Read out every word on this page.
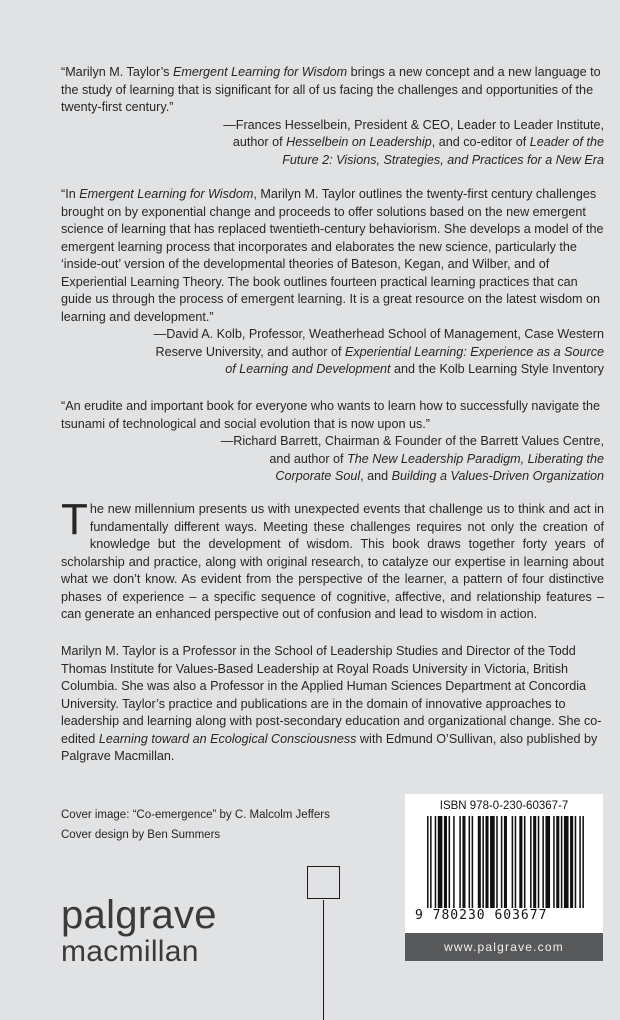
“Marilyn M. Taylor’s Emergent Learning for Wisdom brings a new concept and a new language to the study of learning that is significant for all of us facing the challenges and opportunities of the twenty-first century.”

—Frances Hesselbein, President & CEO, Leader to Leader Institute,
author of Hesselbein on Leadership, and co-editor of Leader of the
Future 2: Visions, Strategies, and Practices for a New Era

“In Emergent Learning for Wisdom, Marilyn M. Taylor outlines the twenty-first century challenges brought on by exponential change and proceeds to offer solutions based on the new emergent science of learning that has replaced twentieth-century behaviorism. She develops a model of the emergent learning process that incorporates and elaborates the new science, particularly the ‘inside-out’ version of the developmental theories of Bateson, Kegan, and Wilber, and of Experiential Learning Theory. The book outlines fourteen practical learning practices that can guide us through the process of emergent learning. It is a great resource on the latest wisdom on learning and development.”

—David A. Kolb, Professor, Weatherhead School of Management, Case Western
Reserve University, and author of Experiential Learning: Experience as a Source
of Learning and Development and the Kolb Learning Style Inventory

“An erudite and important book for everyone who wants to learn how to successfully navigate the tsunami of technological and social evolution that is now upon us.”

—Richard Barrett, Chairman & Founder of the Barrett Values Centre,
and author of The New Leadership Paradigm, Liberating the
Corporate Soul, and Building a Values-Driven Organization

The new millennium presents us with unexpected events that challenge us to think and act in fundamentally different ways. Meeting these challenges requires not only the creation of knowledge but the development of wisdom. This book draws together forty years of scholarship and practice, along with original research, to catalyze our expertise in learning about what we don’t know. As evident from the perspective of the learner, a pattern of four distinctive phases of experience – a specific sequence of cognitive, affective, and relationship features – can generate an enhanced perspective out of confusion and lead to wisdom in action.
Marilyn M. Taylor is a Professor in the School of Leadership Studies and Director of the Todd Thomas Institute for Values-Based Leadership at Royal Roads University in Victoria, British Columbia. She was also a Professor in the Applied Human Sciences Department at Concordia University. Taylor’s practice and publications are in the domain of innovative approaches to leadership and learning along with post-secondary education and organizational change. She co-edited Learning toward an Ecological Consciousness with Edmund O’Sullivan, also published by Palgrave Macmillan.
Cover image: “Co-emergence” by C. Malcolm Jeffers
Cover design by Ben Summers
palgrave
macmillan
ISBN 978-0-230-60367-7
9 780230 603677
www.palgrave.com
